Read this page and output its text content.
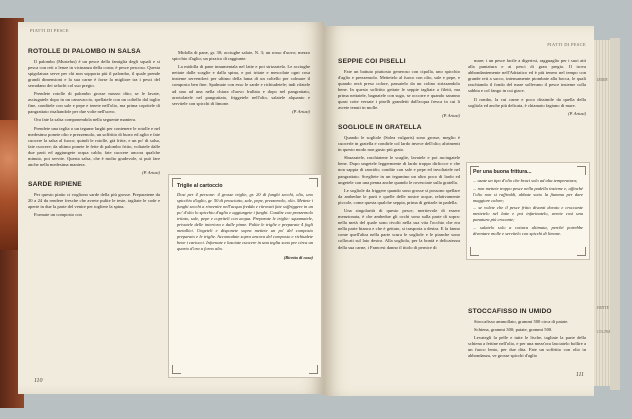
PIATTI DI PESCE
ROTOLLE DI PALOMBO IN SALSA

Il palombo (Mustelus) è un pesce della famiglia degli squali e si pesca con reti o lenze in vicinanza della costa; è pesce pescoso. Questa spigolatura serve per chi non sopporta più il palombo, il quale prende grandi dimensioni e la sua carne è forse la migliore tra i pesci del serradano dei selachi col suo pregio.

Prendete rotolle di palombo grosse mezzo dito; se le lavate, asciugatele dopo in un canovaccio, spellatele con un coltello dal taglio fine, conditele con sale e pepe e tenete nell'olio, ma prima copritele di pangrattato risaltandole per due volte nell'uovo.

Ora fate la salsa componendola nella seguente maniera.

Prendete una teglia o un tegame larghi per contenere le rotolle e nel medesimo ponete olio e prezzemolo, un soffritto di burro ed aglio e fate cuocere la salsa al fuoco; quindi le rotolle, già fritte, e un po' di salsa, fate cuocere; da ultimo ponete le fette di palombo fritto, voltatele dalle due parti ed aggiungete acqua calda; fate cuocere ancora qualche minuto, poi servite. Questa salsa, che è molto gradevole, si può fare anche nella medesima maniera.

(P. Artusi)
SARDE RIPIENE

Per questo piatto ci vogliono sarde della più grosse. Preparatene da 20 a 24 da rendere fresche che avrete pulite le teste, tagliate le code e aperte in due la parte del ventre per togliere la spina.

Formate un composto con

Midolla di pane, gr. 30; acciughe salate, N. 3; un rosso d'uovo; mezzo spicchio d'aglio; un pizzico di raggiunte.

La midolla di pane innumentala nel latte e poi strizzatela. Le acciughe nettate dalle scaglie e dalla spina, e poi tritate e mescolate ogni cosa insieme servendovi per ultimo della lama di un coltello per colmare il composto ben fine. Spalmate con esso le sarde e richiudetele; indi rifatele ad una ad una nella chiara d'uovo frullata e dopo nel pangrattato, arrotolatele nel pangrattato, friggetele nell'olio, salatele alquanto e servitele con spicchi di limone.

(P. Artusi)
Triglie al cartoccio
Dosi per 4 persone: 4 grosse triglie, gr. 20 di funghi secchi, olio, uno spicchio d'aglio, gr. 50 di prosciutto, sale, pepe, prezzemolo, olio. Mettete i funghi secchi a rinvenire nell'acqua fredda e ritrovati fate soffriggere in un po' d'olio lo spicchio d'aglio e aggiungete i funghi. Condite con prezzemolo tritato, sale, pepe e copriteli con acqua. Preparate le triglie: squamatele, privatele delle interiora e dalle pinne. Pulite le triglie e preparate 4 fogli metallici. Ungeteli e disponete sopra mettete un po' del composto preparato e le triglie. Accomodate sopra ancora del composto e richiudete bene i cartocci. Infornate e lasciate cuocere in una teglia sono per circa un quarto d'ora a forno alto.
(Ricetta di casa)
110
PIATTI DI PESCE
SEPPIE COI PISELLI

Fate un battuto piuttosto generoso con cipolla, uno spicchio d'aglio e prezzemolo. Mettetelo al fuoco con olio, sale e pepe, e quando avrà preso colore, passatelo da un colino strizzandolo bene. In questo soffritto gettate le seppie tagliate a filetti, ma prima nettatele, bagnatele con sugo, se occorre e quando saranno quasi cotte versate i piselli grandetti dall'acqua fresca in cui li avrete tenuti in molle.

(P. Artusi)
SOGLIOLE IN GRATELLA

Quando le sogliole (Solea vulgaris) sono grosse, meglio è cuocerle in gratella e condirle col lardo invece dell'olio; altrimenti in questo modo non gusto più grato.

Sbuzzatele, raschiatene le scaglie, lavatele e poi asciugatele bene. Dopo ungetele leggermente di lardo troppo dirliccce e che non sappia di rancido; condite con sale e pepe ed involtatele nel pangrattato. Scegliete in un tegamino un altro poco di lardo ed ungetele con una penna anche quando le rovesciate sulla gratella.

Le sogliole da friggere quando sono grosse si possono spellare da ambedue le parti e quelle delle nostre acque, relativamente piccole, come questa qualche seppia, prima di gettarle in padella.

Una singolarità di questo pesce, meritevole di essere menzionata, è che ambedue gli occhi sono sulla parte di sopra: nella metà del quale sono rivolti nella sua vita l'occhio che era nella parte bianca e che è gettato, si trasporta a destra. E la fanno come quell'altra nella parte scura le sogliole e le pianche sono collocati sul lato destro. Alla sogliola, per la bontà e delicatezza della sua carne, i Francesi danno il titolo di pernice di

mare; i un pesce facile a digerirsi, ragguaglio per i suoi atti alla puntatura e ai pesci di gran pregio. Il trova abbondantemente nell'Adriatico ed è più tenero nel tempo con grande reti a sacco, intensamente piombate alla bocca, le quali raschiando il fondo del mare sollevano il pesce insieme colla sabbia e col fango in cui giace.

Il rombo, la cui carne e poco dissimile da quella della sogliola ed anche più delicata, è chiamato fagiano di mare.

(P. Artusi)
Per una buona frittura...
... usate un tipo d'olio che bruci solo ad alta temperatura;
... non mettete troppo pesce nella padella insieme e, affinché l'olio non si raffreddi, abbate sotto la fiamma per dare maggiore calore;
... se volete che il pesce fritto divanti dorato e croccante mettetelo nel latte e poi infarinatelo, avrete così una panatura più crocante;
... salatelo solo a cottura ultimata, perché potrebbe diventare molle e servitelo con spicchi di limone.
STOCCAFISSO IN UMIDO

Stoccafisso ammollato, grammi 500 circa di patate.

Schiena, grammi 300; patate, grammi 500.

Levategli la pelle e tutte le lische, tagliate la parte della schiena a fettine nell'olio, e per una mezz'ora lasciatelo bollire a un fuoco lento, per due dita. Fate un soffritto con olio in abbondanza, ve grosse spicchi d'aglio

111
DORIS
FRITTE
CUCINA
